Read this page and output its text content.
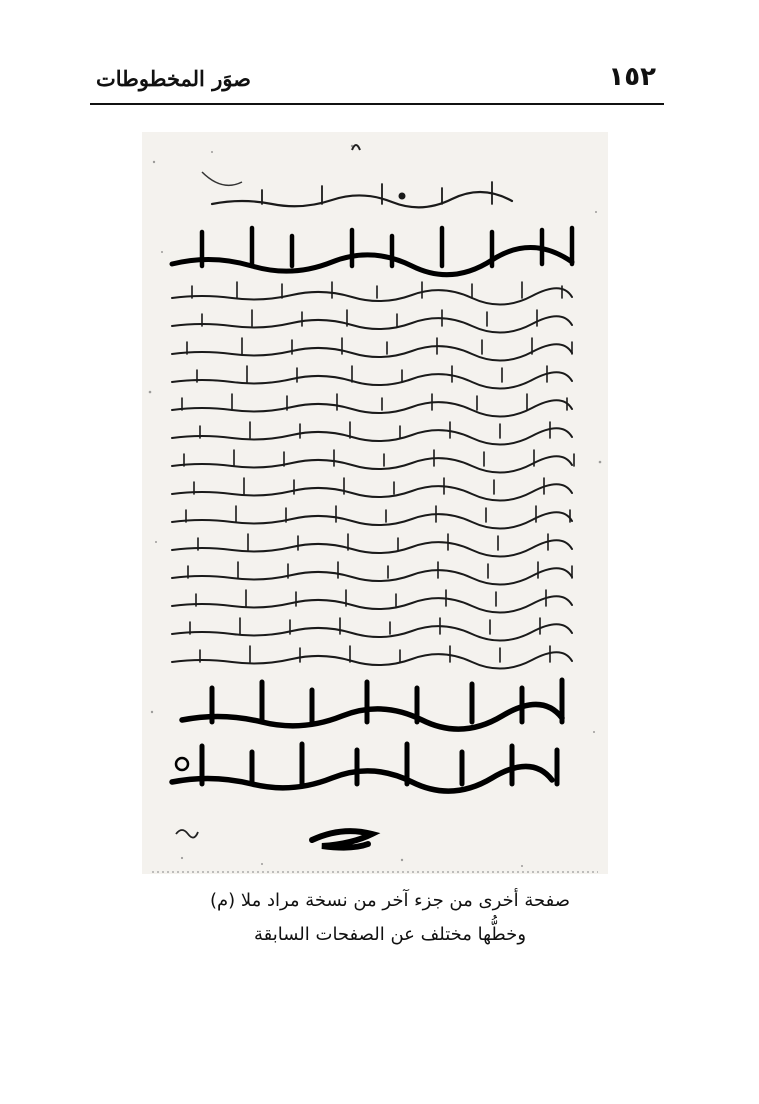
١٥٢
صوَر المخطوطات
صفحة أخرى من جزء آخر من نسخة مراد ملا (م)
وخطُّها مختلف عن الصفحات السابقة
